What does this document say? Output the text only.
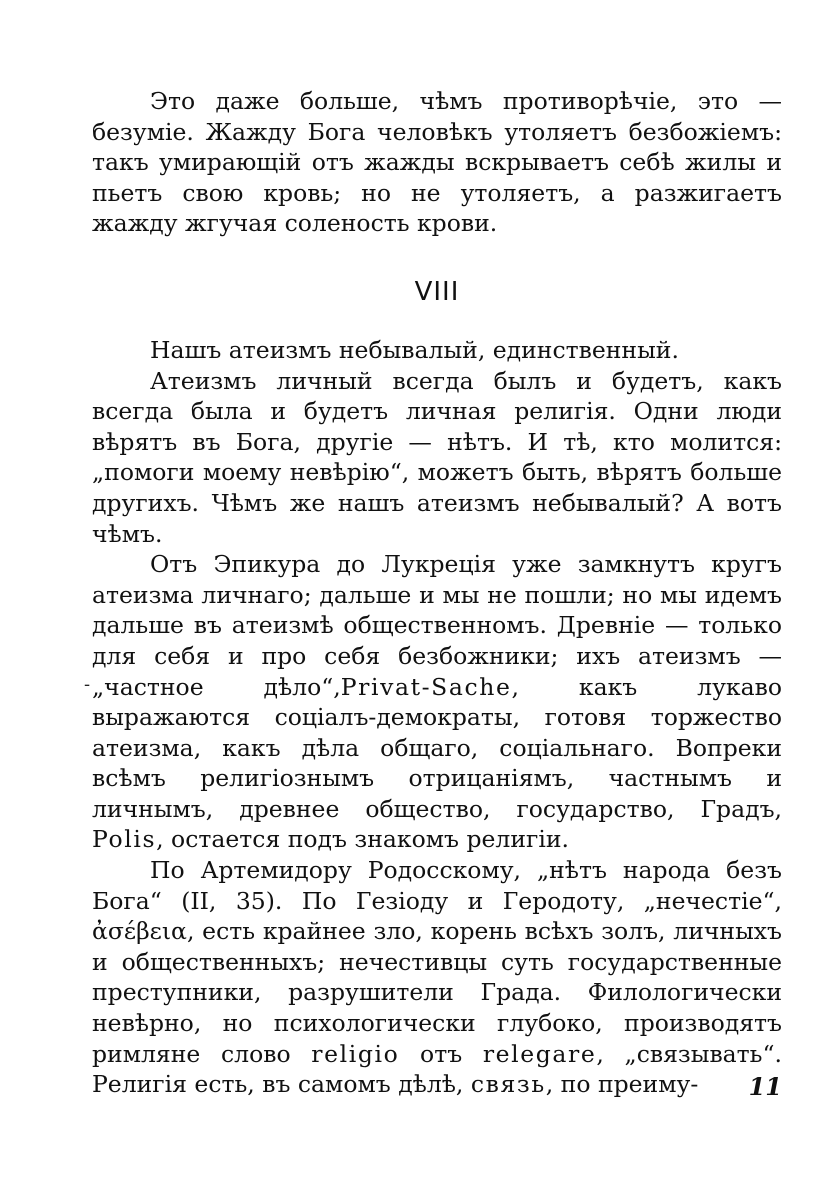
-

Это даже больше, чѣмъ противорѣчіе, это — безуміе. Жажду Бога человѣкъ утоляетъ безбожіемъ: такъ умирающій отъ жажды вскрываетъ себѣ жилы и пьетъ свою кровь; но не утоляетъ, а разжигаетъ жажду жгучая соленость крови.

VIII

Нашъ атеизмъ небывалый, единственный.

Атеизмъ личный всегда былъ и будетъ, какъ всегда была и будетъ личная религія. Одни люди вѣрятъ въ Бога, другіе — нѣтъ. И тѣ, кто молится: „помоги моему невѣрію“, можетъ быть, вѣрятъ больше другихъ. Чѣмъ же нашъ атеизмъ небывалый? А вотъ чѣмъ.

Отъ Эпикура до Лукреція уже замкнутъ кругъ атеизма личнаго; дальше и мы не пошли; но мы идемъ дальше въ атеизмѣ общественномъ. Древніе — только для себя и про себя безбожники; ихъ атеизмъ — „частное дѣло“,Privat-Sache, какъ лукаво выражаются соціалъ-демократы, готовя торжество атеизма, какъ дѣла общаго, соціальнаго. Вопреки всѣмъ религіознымъ отрицаніямъ, частнымъ и личнымъ, древнее общество, государство, Градъ, Polis, остается подъ знакомъ религіи.

По Артемидору Родосскому, „нѣтъ народа безъ Бога“ (II, 35). По Гезіоду и Геродоту, „нечестіе“, ἀσέβεια, есть крайнее зло, корень всѣхъ золъ, личныхъ и общественныхъ; нечестивцы суть государственные преступники, разрушители Града. Филологически невѣрно, но психологически глубоко, производятъ римляне слово religio отъ relegare, „связывать“. Религія есть, въ самомъ дѣлѣ, связь, по преиму-	11
